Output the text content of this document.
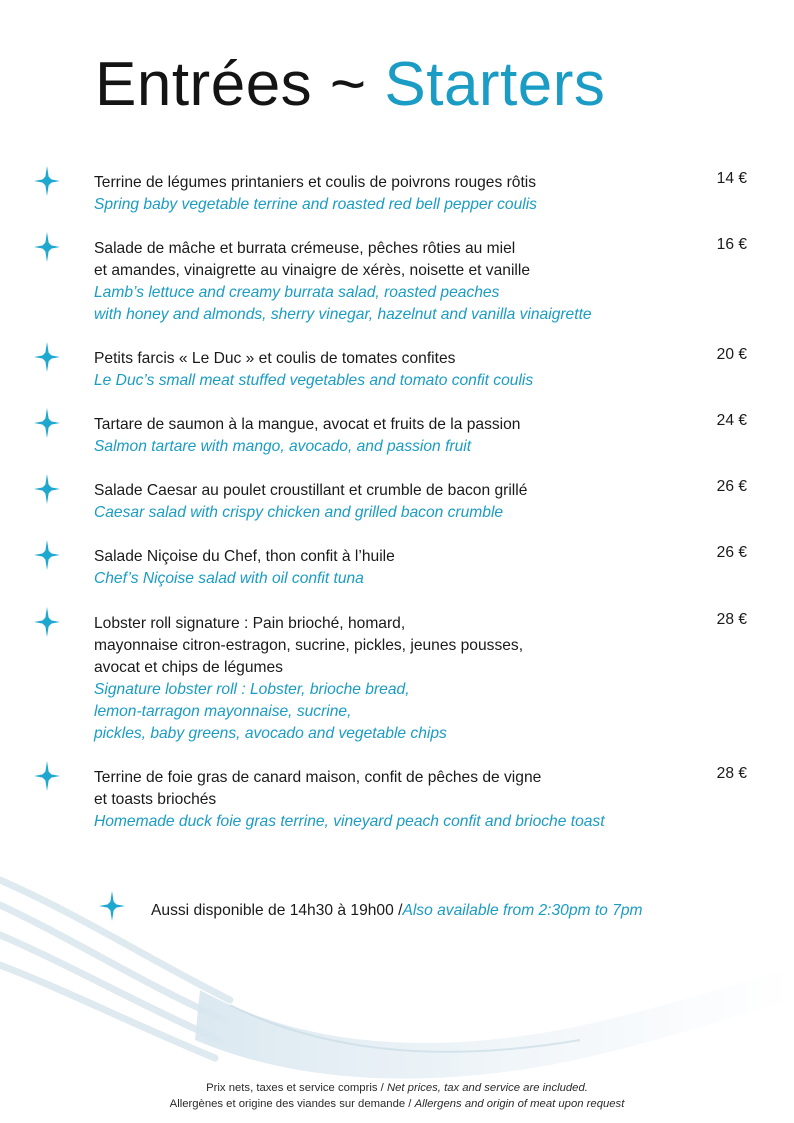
Entrées ~ Starters
Terrine de légumes printaniers et coulis de poivrons rouges rôtis
Spring baby vegetable terrine and roasted red bell pepper coulis
14 €
Salade de mâche et burrata crémeuse, pêches rôties au miel
et amandes, vinaigrette au vinaigre de xérès, noisette et vanille
Lamb’s lettuce and creamy burrata salad, roasted peaches
with honey and almonds, sherry vinegar, hazelnut and vanilla vinaigrette
16 €
Petits farcis « Le Duc » et coulis de tomates confites
Le Duc’s small meat stuffed vegetables and tomato confit coulis
20 €
Tartare de saumon à la mangue, avocat et fruits de la passion
Salmon tartare with mango, avocado, and passion fruit
24 €
Salade Caesar au poulet croustillant et crumble de bacon grillé
Caesar salad with crispy chicken and grilled bacon crumble
26 €
Salade Niçoise du Chef, thon confit à l’huile
Chef’s Niçoise salad with oil confit tuna
26 €
Lobster roll signature : Pain brioché, homard,
mayonnaise citron-estragon, sucrine, pickles, jeunes pousses,
avocat et chips de légumes
Signature lobster roll : Lobster, brioche bread,
lemon-tarragon mayonnaise, sucrine,
pickles, baby greens, avocado and vegetable chips
28 €
Terrine de foie gras de canard maison, confit de pêches de vigne
et toasts briochés
Homemade duck foie gras terrine, vineyard peach confit and brioche toast
28 €
Aussi disponible de 14h30 à 19h00 /Also available from 2:30pm to 7pm
Prix nets, taxes et service compris / Net prices, tax and service are included.
Allergènes et origine des viandes sur demande / Allergens and origin of meat upon request
